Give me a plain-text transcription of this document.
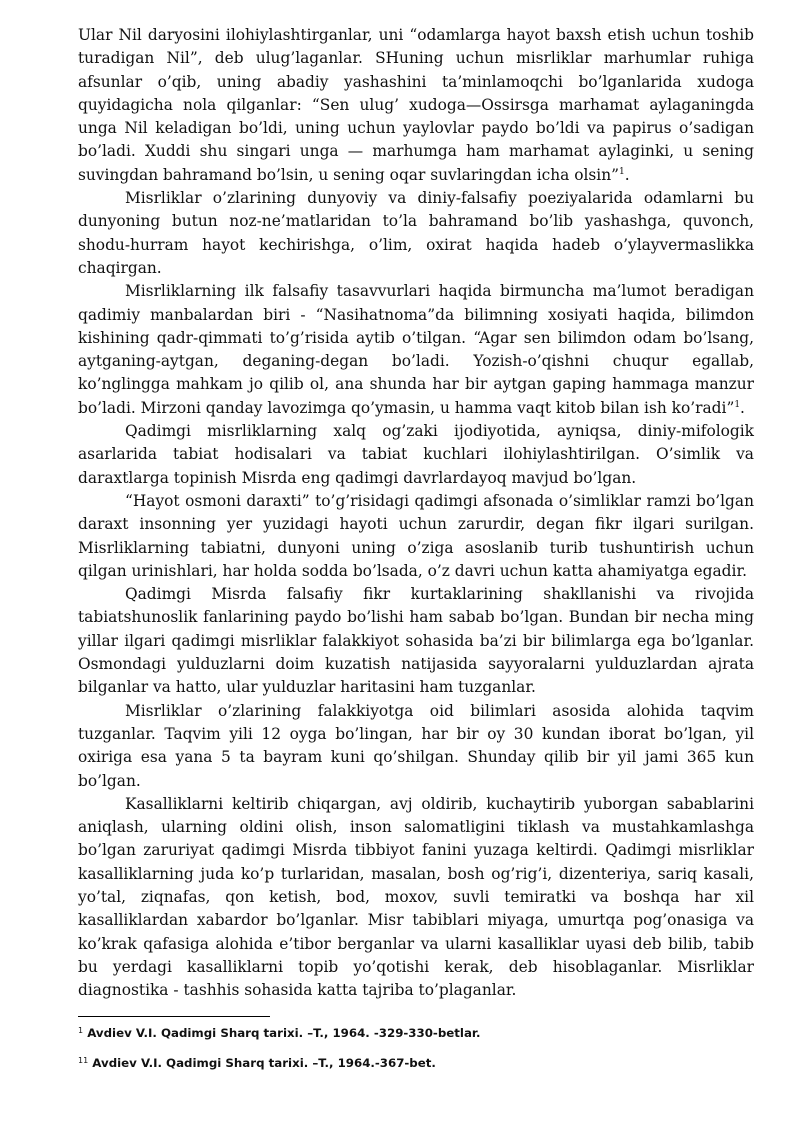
Ular Nil daryosini ilohiylashtirganlar, uni “odamlarga hayot baxsh etish uchun toshib turadigan Nil”, deb ulug’laganlar. SHuning uchun misrliklar marhumlar ruhiga afsunlar o’qib, uning abadiy yashashini ta’minlamoqchi bo’lganlarida xudoga quyidagicha nola qilganlar: “Sen ulug’ xudoga—Ossirsga marhamat aylaganingda unga Nil keladigan bo’ldi, uning uchun yaylovlar paydo bo’ldi va papirus o’sadigan bo’ladi. Xuddi shu singari unga — marhumga ham marhamat aylaginki, u sening suvingdan bahramand bo’lsin, u sening oqar suvlaringdan icha olsin”$^1$.

Misrliklar o’zlarining dunyoviy va diniy-falsafiy poeziyalarida odamlarni bu dunyoning butun noz-ne’matlaridan to’la bahramand bo’lib yashashga, quvonch, shodu-hurram hayot kechirishga, o’lim, oxirat haqida hadeb o’ylayvermaslikka chaqirgan.

Misrliklarning ilk falsafiy tasavvurlari haqida birmuncha ma’lumot beradigan qadimiy manbalardan biri - “Nasihatnoma”da bilimning xosiyati haqida, bilimdon kishining qadr-qimmati to’g’risida aytib o’tilgan. “Agar sen bilimdon odam bo’lsang, aytganing-aytgan, deganing-degan bo’ladi. Yozish-o’qishni chuqur egallab, ko’nglingga mahkam jo qilib ol, ana shunda har bir aytgan gaping hammaga manzur bo’ladi. Mirzoni qanday lavozimga qo’ymasin, u hamma vaqt kitob bilan ish ko’radi”$^1$.

Qadimgi misrliklarning xalq og’zaki ijodiyotida, ayniqsa, diniy-mifologik asarlarida tabiat hodisalari va tabiat kuchlari ilohiylashtirilgan. O’simlik va daraxtlarga topinish Misrda eng qadimgi davrlardayoq mavjud bo’lgan.

“Hayot osmoni daraxti” to’g’risidagi qadimgi afsonada o’simliklar ramzi bo’lgan daraxt insonning yer yuzidagi hayoti uchun zarurdir, degan fikr ilgari surilgan. Misrliklarning tabiatni, dunyoni uning o’ziga asoslanib turib tushuntirish uchun qilgan urinishlari, har holda sodda bo’lsada, o’z davri uchun katta ahamiyatga egadir.

Qadimgi Misrda falsafiy fikr kurtaklarining shakllanishi va rivojida tabiatshunoslik fanlarining paydo bo’lishi ham sabab bo’lgan. Bundan bir necha ming yillar ilgari qadimgi misrliklar falakkiyot sohasida ba’zi bir bilimlarga ega bo’lganlar. Osmondagi yulduzlarni doim kuzatish natijasida sayyoralarni yulduzlardan ajrata bilganlar va hatto, ular yulduzlar haritasini ham tuzganlar.

Misrliklar o’zlarining falakkiyotga oid bilimlari asosida alohida taqvim tuzganlar. Taqvim yili 12 oyga bo’lingan, har bir oy 30 kundan iborat bo’lgan, yil oxiriga esa yana 5 ta bayram kuni qo’shilgan. Shunday qilib bir yil jami 365 kun bo’lgan.

Kasalliklarni keltirib chiqargan, avj oldirib, kuchaytirib yuborgan sabablarini aniqlash, ularning oldini olish, inson salomatligini tiklash va mustahkamlashga bo’lgan zaruriyat qadimgi Misrda tibbiyot fanini yuzaga keltirdi. Qadimgi misrliklar kasalliklarning juda ko’p turlaridan, masalan, bosh og’rig’i, dizenteriya, sariq kasali, yo’tal, ziqnafas, qon ketish, bod, moxov, suvli temiratki va boshqa har xil kasalliklardan xabardor bo’lganlar. Misr tabiblari miyaga, umurtqa pog’onasiga va ko’krak qafasiga alohida e’tibor berganlar va ularni kasalliklar uyasi deb bilib, tabib bu yerdagi kasalliklarni topib yo’qotishi kerak, deb hisoblaganlar. Misrliklar diagnostika - tashhis sohasida katta tajriba to’plaganlar.

$^1$ Avdiev V.I. Qadimgi Sharq tarixi. –T., 1964. -329-330-betlar.

$^{11}$ Avdiev V.I. Qadimgi Sharq tarixi. –T., 1964.-367-bet.
